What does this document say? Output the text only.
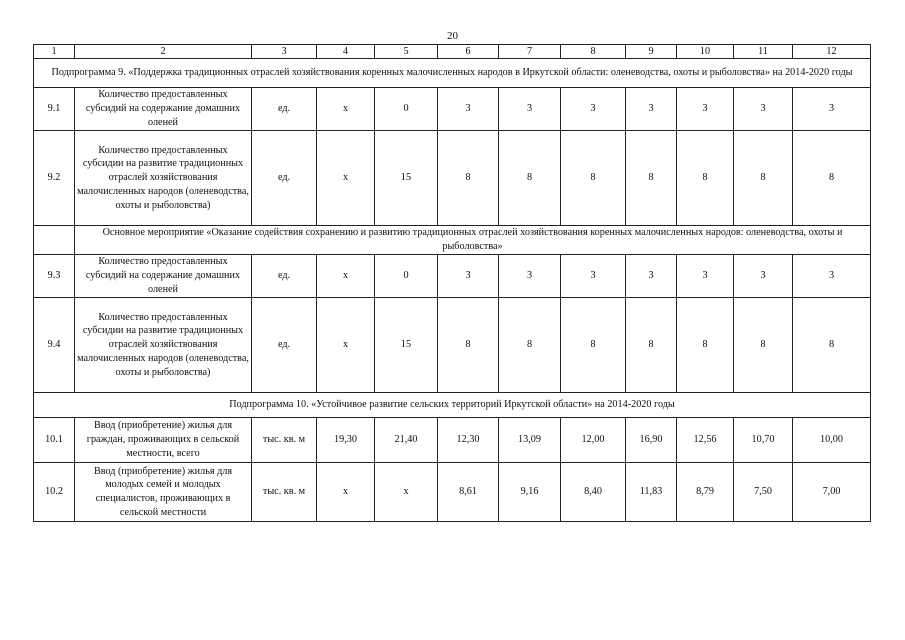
20
1	2	3	4	5	6	7	8	9	10	11	12
Подпрограмма 9. «Поддержка традиционных отраслей хозяйствования коренных малочисленных народов в Иркутской области: оленеводства, охоты и рыболовства» на 2014-2020 годы											
9.1	Количество предоставленных субсидий на содержание домашних оленей	ед.	x	0	3	3	3	3	3	3	3
9.2	Количество предоставленных субсидии на развитие традиционных отраслей хозяйствования малочисленных народов (оленеводства, охоты и рыболовства)	ед.	x	15	8	8	8	8	8	8	8
	Основное мероприятие «Оказание содействия сохранению и развитию традиционных отраслей хозяйствования коренных малочисленных народов: оленеводства, охоты и рыболовства»										
9.3	Количество предоставленных субсидий на содержание домашних оленей	ед.	x	0	3	3	3	3	3	3	3
9.4	Количество предоставленных субсидии на развитие традиционных отраслей хозяйствования малочисленных народов (оленеводства, охоты и рыболовства)	ед.	x	15	8	8	8	8	8	8	8
Подпрограмма 10. «Устойчивое развитие сельских территорий Иркутской области» на 2014-2020 годы											
10.1	Ввод (приобретение) жилья для граждан, проживающих в сельской местности, всего	тыс. кв. м	19,30	21,40	12,30	13,09	12,00	16,90	12,56	10,70	10,00
10.2	Ввод (приобретение) жилья для молодых семей и молодых специалистов, проживающих в сельской местности	тыс. кв. м	x	x	8,61	9,16	8,40	11,83	8,79	7,50	7,00
